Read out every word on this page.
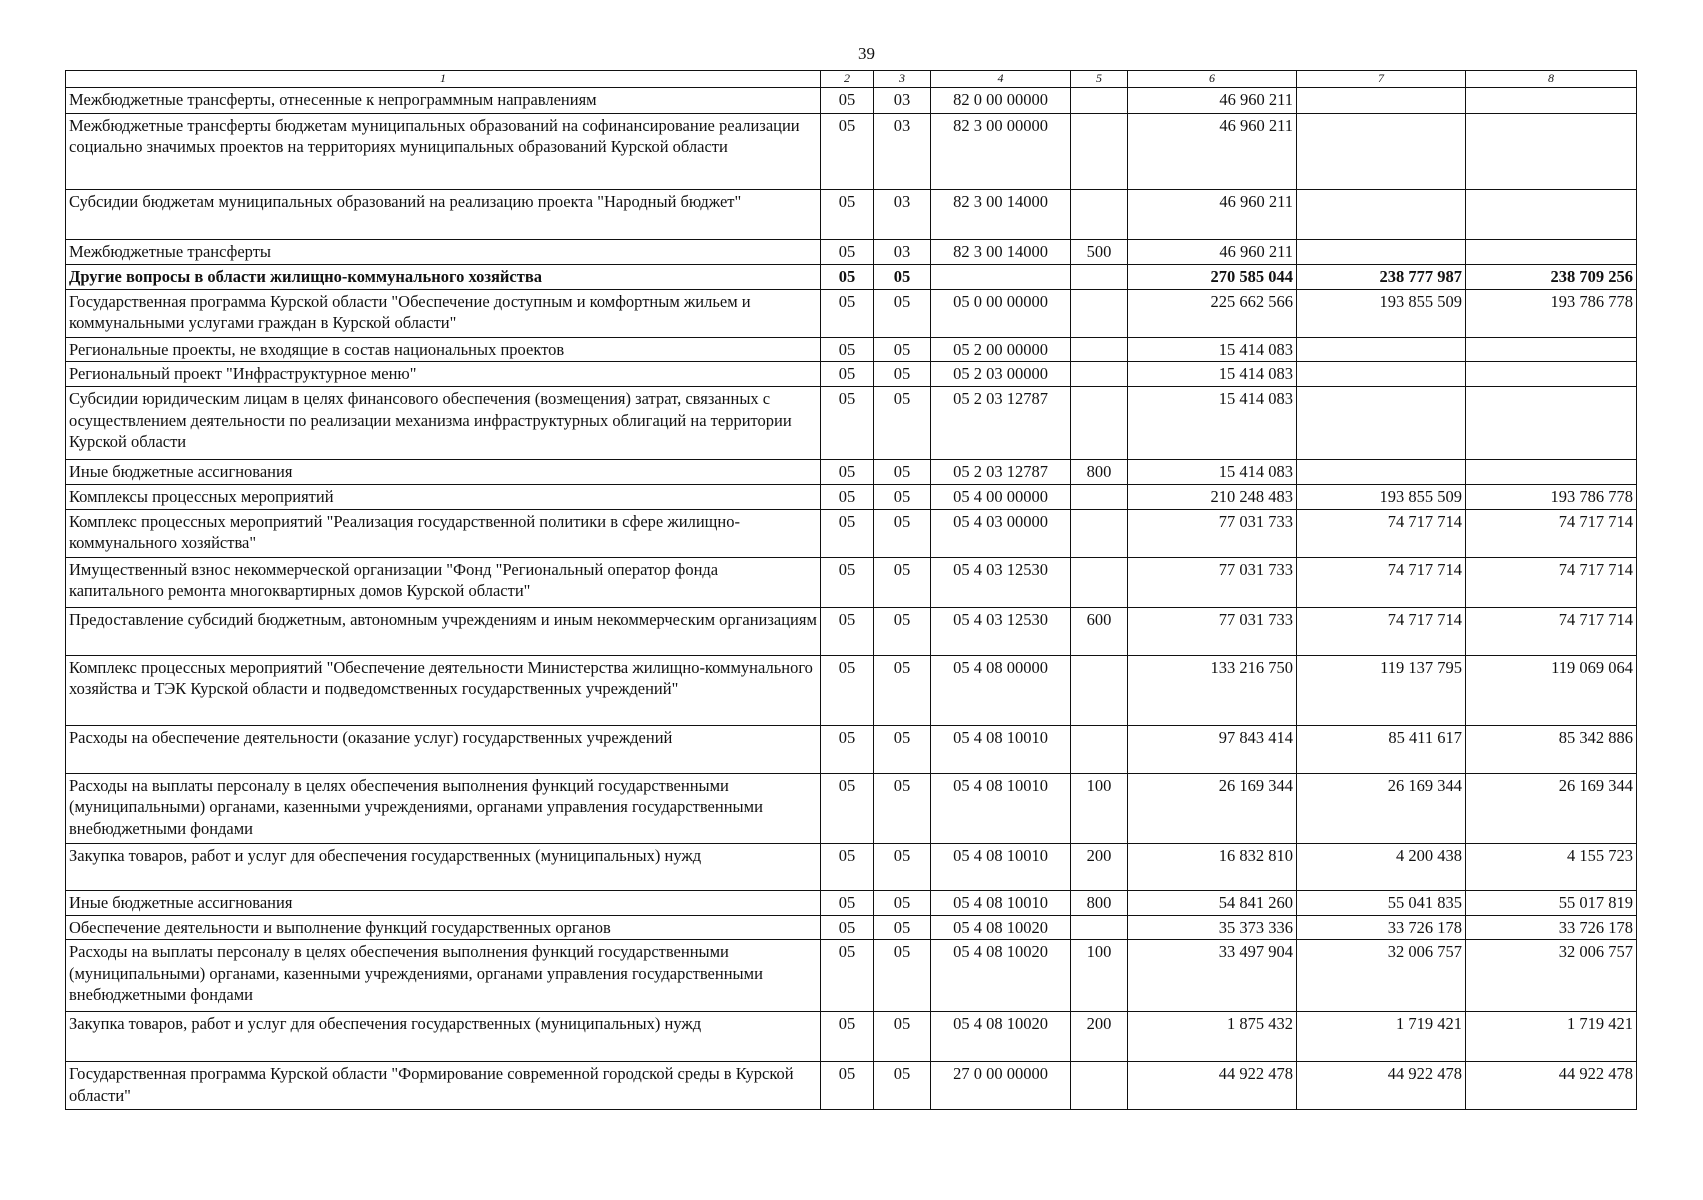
39
1	2	3	4	5	6	7	8
Межбюджетные трансферты, отнесенные к непрограммным направлениям	05	03	82 0 00 00000		46 960 211		
Межбюджетные трансферты бюджетам муниципальных образований на софинансирование реализации социально значимых проектов на территориях муниципальных образований Курской области	05	03	82 3 00 00000		46 960 211		
Субсидии бюджетам муниципальных образований на реализацию проекта "Народный бюджет"	05	03	82 3 00 14000		46 960 211		
Межбюджетные трансферты	05	03	82 3 00 14000	500	46 960 211		
Другие вопросы в области жилищно-коммунального хозяйства	05	05			270 585 044	238 777 987	238 709 256
Государственная программа Курской области "Обеспечение доступным и комфортным жильем и коммунальными услугами граждан в Курской области"	05	05	05 0 00 00000		225 662 566	193 855 509	193 786 778
Региональные проекты, не входящие в состав национальных проектов	05	05	05 2 00 00000		15 414 083		
Региональный проект "Инфраструктурное меню"	05	05	05 2 03 00000		15 414 083		
Субсидии юридическим лицам в целях финансового обеспечения (возмещения) затрат, связанных с осуществлением деятельности по реализации механизма инфраструктурных облигаций на территории Курской области	05	05	05 2 03 12787		15 414 083		
Иные бюджетные ассигнования	05	05	05 2 03 12787	800	15 414 083		
Комплексы процессных мероприятий	05	05	05 4 00 00000		210 248 483	193 855 509	193 786 778
Комплекс процессных мероприятий "Реализация государственной политики в сфере жилищно-коммунального хозяйства"	05	05	05 4 03 00000		77 031 733	74 717 714	74 717 714
Имущественный взнос некоммерческой организации "Фонд "Региональный оператор фонда капитального ремонта многоквартирных домов Курской области"	05	05	05 4 03 12530		77 031 733	74 717 714	74 717 714
Предоставление субсидий бюджетным, автономным учреждениям и иным некоммерческим организациям	05	05	05 4 03 12530	600	77 031 733	74 717 714	74 717 714
Комплекс процессных мероприятий "Обеспечение деятельности Министерства жилищно-коммунального хозяйства и ТЭК Курской области и подведомственных государственных учреждений"	05	05	05 4 08 00000		133 216 750	119 137 795	119 069 064
Расходы на обеспечение деятельности (оказание услуг) государственных учреждений	05	05	05 4 08 10010		97 843 414	85 411 617	85 342 886
Расходы на выплаты персоналу в целях обеспечения выполнения функций государственными (муниципальными) органами, казенными учреждениями, органами управления государственными внебюджетными фондами	05	05	05 4 08 10010	100	26 169 344	26 169 344	26 169 344
Закупка товаров, работ и услуг для обеспечения государственных (муниципальных) нужд	05	05	05 4 08 10010	200	16 832 810	4 200 438	4 155 723
Иные бюджетные ассигнования	05	05	05 4 08 10010	800	54 841 260	55 041 835	55 017 819
Обеспечение деятельности и выполнение функций государственных органов	05	05	05 4 08 10020		35 373 336	33 726 178	33 726 178
Расходы на выплаты персоналу в целях обеспечения выполнения функций государственными (муниципальными) органами, казенными учреждениями, органами управления государственными внебюджетными фондами	05	05	05 4 08 10020	100	33 497 904	32 006 757	32 006 757
Закупка товаров, работ и услуг для обеспечения государственных (муниципальных) нужд	05	05	05 4 08 10020	200	1 875 432	1 719 421	1 719 421
Государственная программа Курской области "Формирование современной городской среды в Курской области"	05	05	27 0 00 00000		44 922 478	44 922 478	44 922 478
